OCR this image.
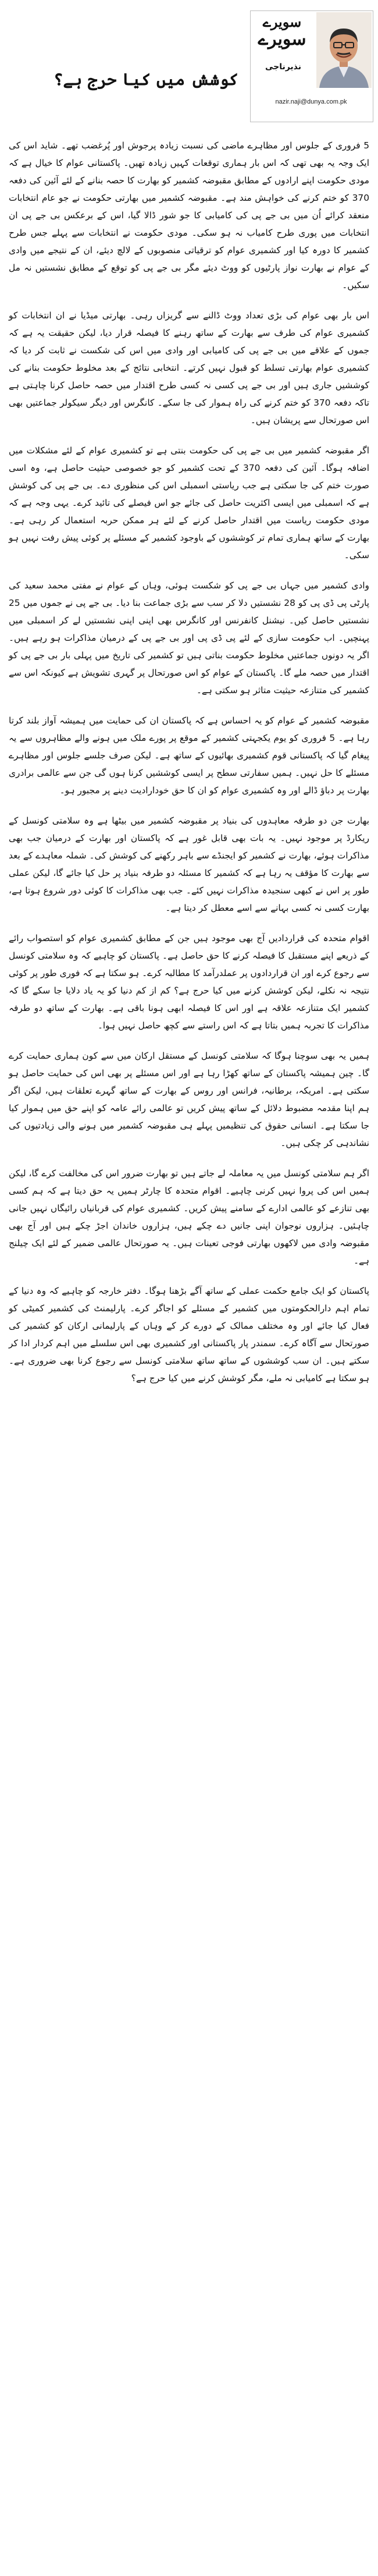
کوشش میں کیا حرج ہے؟
سویرے
سویرے
نذیرناجی
nazir.naji@dunya.com.pk

5 فروری کے جلوس اور مظاہرے ماضی کی نسبت زیادہ پرجوش اور پُرغضب تھے۔ شاید اس کی ایک وجہ یہ بھی تھی کہ اس بار ہماری توقعات کہیں زیادہ تھیں۔ پاکستانی عوام کا خیال ہے کہ مودی حکومت اپنے ارادوں کے مطابق مقبوضہ کشمیر کو بھارت کا حصہ بنانے کے لئے آئین کی دفعہ 370 کو ختم کرنے کی خواہش مند ہے۔ مقبوضہ کشمیر میں بھارتی حکومت نے جو عام انتخابات منعقد کرائے اُن میں بی جے پی کی کامیابی کا جو شور ڈالا گیا، اس کے برعکس بی جے پی ان انتخابات میں پوری طرح کامیاب نہ ہو سکی۔ مودی حکومت نے انتخابات سے پہلے جس طرح کشمیر کا دورہ کیا اور کشمیری عوام کو ترقیاتی منصوبوں کے لالچ دیئے، ان کے نتیجے میں وادی کے عوام نے بھارت نواز پارٹیوں کو ووٹ دیئے مگر بی جے پی کو توقع کے مطابق نشستیں نہ مل سکیں۔

اس بار بھی عوام کی بڑی تعداد ووٹ ڈالنے سے گریزاں رہی۔ بھارتی میڈیا نے ان انتخابات کو کشمیری عوام کی طرف سے بھارت کے ساتھ رہنے کا فیصلہ قرار دیا، لیکن حقیقت یہ ہے کہ جموں کے علاقے میں بی جے پی کی کامیابی اور وادی میں اس کی شکست نے ثابت کر دیا کہ کشمیری عوام بھارتی تسلط کو قبول نہیں کرتے۔ انتخابی نتائج کے بعد مخلوط حکومت بنانے کی کوششیں جاری ہیں اور بی جے پی کسی نہ کسی طرح اقتدار میں حصہ حاصل کرنا چاہتی ہے تاکہ دفعہ 370 کو ختم کرنے کی راہ ہموار کی جا سکے۔ کانگرس اور دیگر سیکولر جماعتیں بھی اس صورتحال سے پریشان ہیں۔

اگر مقبوضہ کشمیر میں بی جے پی کی حکومت بنتی ہے تو کشمیری عوام کے لئے مشکلات میں اضافہ ہوگا۔ آئین کی دفعہ 370 کے تحت کشمیر کو جو خصوصی حیثیت حاصل ہے، وہ اسی صورت ختم کی جا سکتی ہے جب ریاستی اسمبلی اس کی منظوری دے۔ بی جے پی کی کوشش ہے کہ اسمبلی میں ایسی اکثریت حاصل کی جائے جو اس فیصلے کی تائید کرے۔ یہی وجہ ہے کہ مودی حکومت ریاست میں اقتدار حاصل کرنے کے لئے ہر ممکن حربہ استعمال کر رہی ہے۔ بھارت کے ساتھ ہماری تمام تر کوششوں کے باوجود کشمیر کے مسئلے پر کوئی پیش رفت نہیں ہو سکی۔

وادی کشمیر میں جہاں بی جے پی کو شکست ہوئی، وہاں کے عوام نے مفتی محمد سعید کی پارٹی پی ڈی پی کو 28 نشستیں دلا کر سب سے بڑی جماعت بنا دیا۔ بی جے پی نے جموں میں 25 نشستیں حاصل کیں۔ نیشنل کانفرنس اور کانگرس بھی اپنی اپنی نشستیں لے کر اسمبلی میں پہنچیں۔ اب حکومت سازی کے لئے پی ڈی پی اور بی جے پی کے درمیان مذاکرات ہو رہے ہیں۔ اگر یہ دونوں جماعتیں مخلوط حکومت بناتی ہیں تو کشمیر کی تاریخ میں پہلی بار بی جے پی کو اقتدار میں حصہ ملے گا۔ پاکستان کے عوام کو اس صورتحال پر گہری تشویش ہے کیونکہ اس سے کشمیر کی متنازعہ حیثیت متاثر ہو سکتی ہے۔

مقبوضہ کشمیر کے عوام کو یہ احساس ہے کہ پاکستان ان کی حمایت میں ہمیشہ آواز بلند کرتا رہا ہے۔ 5 فروری کو یوم یکجہتی کشمیر کے موقع پر پورے ملک میں ہونے والے مظاہروں سے یہ پیغام گیا کہ پاکستانی قوم کشمیری بھائیوں کے ساتھ ہے۔ لیکن صرف جلسے جلوس اور مظاہرے مسئلے کا حل نہیں۔ ہمیں سفارتی سطح پر ایسی کوششیں کرنا ہوں گی جن سے عالمی برادری بھارت پر دباؤ ڈالے اور وہ کشمیری عوام کو ان کا حق خودارادیت دینے پر مجبور ہو۔

بھارت جن دو طرفہ معاہدوں کی بنیاد پر مقبوضہ کشمیر میں بیٹھا ہے وہ سلامتی کونسل کے ریکارڈ پر موجود نہیں۔ یہ بات بھی قابل غور ہے کہ پاکستان اور بھارت کے درمیان جب بھی مذاکرات ہوئے، بھارت نے کشمیر کو ایجنڈے سے باہر رکھنے کی کوشش کی۔ شملہ معاہدے کے بعد سے بھارت کا مؤقف یہ رہا ہے کہ کشمیر کا مسئلہ دو طرفہ بنیاد پر حل کیا جائے گا، لیکن عملی طور پر اس نے کبھی سنجیدہ مذاکرات نہیں کئے۔ جب بھی مذاکرات کا کوئی دور شروع ہوتا ہے، بھارت کسی نہ کسی بہانے سے اسے معطل کر دیتا ہے۔

اقوام متحدہ کی قراردادیں آج بھی موجود ہیں جن کے مطابق کشمیری عوام کو استصواب رائے کے ذریعے اپنے مستقبل کا فیصلہ کرنے کا حق حاصل ہے۔ پاکستان کو چاہیے کہ وہ سلامتی کونسل سے رجوع کرے اور ان قراردادوں پر عملدرآمد کا مطالبہ کرے۔ ہو سکتا ہے کہ فوری طور پر کوئی نتیجہ نہ نکلے، لیکن کوشش کرنے میں کیا حرج ہے؟ کم از کم دنیا کو یہ یاد دلایا جا سکے گا کہ کشمیر ایک متنازعہ علاقہ ہے اور اس کا فیصلہ ابھی ہونا باقی ہے۔ بھارت کے ساتھ دو طرفہ مذاکرات کا تجربہ ہمیں بتاتا ہے کہ اس راستے سے کچھ حاصل نہیں ہوا۔

ہمیں یہ بھی سوچنا ہوگا کہ سلامتی کونسل کے مستقل ارکان میں سے کون ہماری حمایت کرے گا۔ چین ہمیشہ پاکستان کے ساتھ کھڑا رہا ہے اور اس مسئلے پر بھی اس کی حمایت حاصل ہو سکتی ہے۔ امریکہ، برطانیہ، فرانس اور روس کے بھارت کے ساتھ گہرے تعلقات ہیں، لیکن اگر ہم اپنا مقدمہ مضبوط دلائل کے ساتھ پیش کریں تو عالمی رائے عامہ کو اپنے حق میں ہموار کیا جا سکتا ہے۔ انسانی حقوق کی تنظیمیں پہلے ہی مقبوضہ کشمیر میں ہونے والی زیادتیوں کی نشاندہی کر چکی ہیں۔

اگر ہم سلامتی کونسل میں یہ معاملہ لے جاتے ہیں تو بھارت ضرور اس کی مخالفت کرے گا، لیکن ہمیں اس کی پروا نہیں کرنی چاہیے۔ اقوام متحدہ کا چارٹر ہمیں یہ حق دیتا ہے کہ ہم کسی بھی تنازعے کو عالمی ادارے کے سامنے پیش کریں۔ کشمیری عوام کی قربانیاں رائیگاں نہیں جانی چاہئیں۔ ہزاروں نوجوان اپنی جانیں دے چکے ہیں، ہزاروں خاندان اجڑ چکے ہیں اور آج بھی مقبوضہ وادی میں لاکھوں بھارتی فوجی تعینات ہیں۔ یہ صورتحال عالمی ضمیر کے لئے ایک چیلنج ہے۔

پاکستان کو ایک جامع حکمت عملی کے ساتھ آگے بڑھنا ہوگا۔ دفتر خارجہ کو چاہیے کہ وہ دنیا کے تمام اہم دارالحکومتوں میں کشمیر کے مسئلے کو اجاگر کرے۔ پارلیمنٹ کی کشمیر کمیٹی کو فعال کیا جائے اور وہ مختلف ممالک کے دورے کر کے وہاں کے پارلیمانی ارکان کو کشمیر کی صورتحال سے آگاہ کرے۔ سمندر پار پاکستانی اور کشمیری بھی اس سلسلے میں اہم کردار ادا کر سکتے ہیں۔ ان سب کوششوں کے ساتھ ساتھ سلامتی کونسل سے رجوع کرنا بھی ضروری ہے۔ ہو سکتا ہے کامیابی نہ ملے، مگر کوشش کرنے میں کیا حرج ہے؟
